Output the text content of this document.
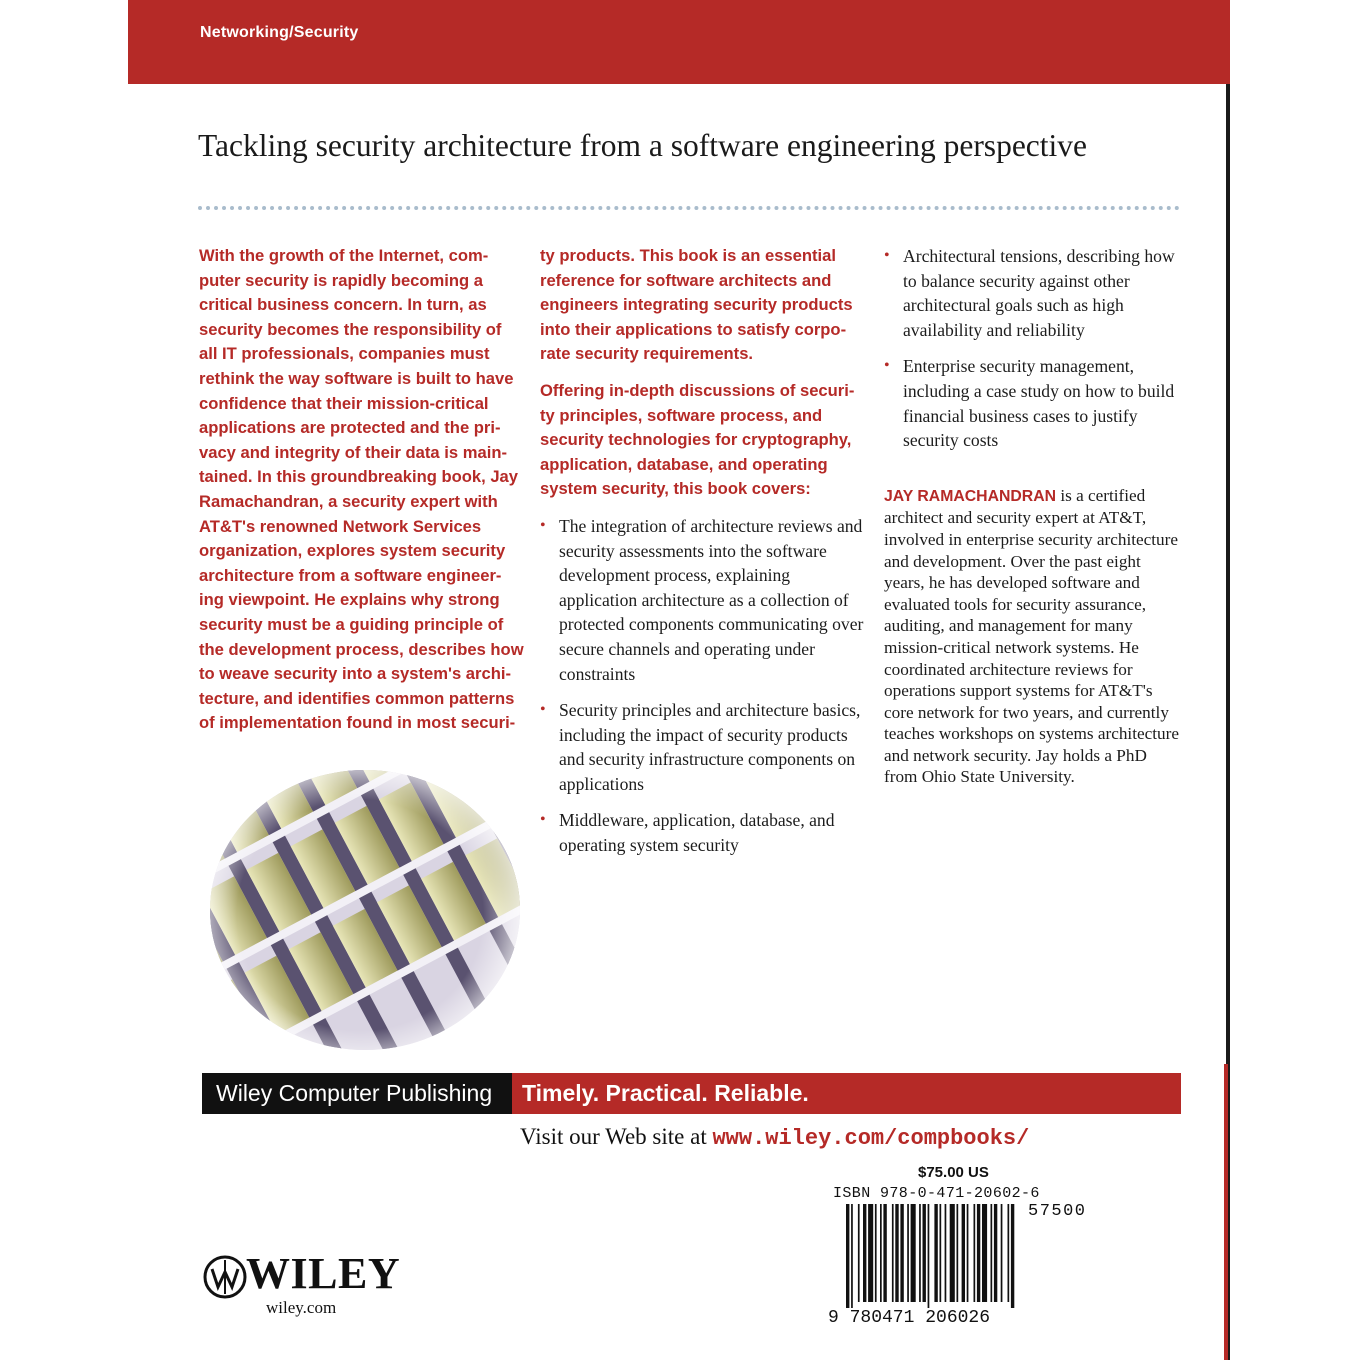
Networking/Security
Tackling security architecture from a software engineering perspective
With the growth of the Internet, com-
puter security is rapidly becoming a
critical business concern. In turn, as
security becomes the responsibility of
all IT professionals, companies must
rethink the way software is built to have
confidence that their mission-critical
applications are protected and the pri-
vacy and integrity of their data is main-
tained. In this groundbreaking book, Jay
Ramachandran, a security expert with
AT&T's renowned Network Services
organization, explores system security
architecture from a software engineer-
ing viewpoint. He explains why strong
security must be a guiding principle of
the development process, describes how
to weave security into a system's archi-
tecture, and identifies common patterns
of implementation found in most securi-

ty products. This book is an essential
reference for software architects and
engineers integrating security products
into their applications to satisfy corpo-
rate security requirements.

Offering in-depth discussions of securi-
ty principles, software process, and
security technologies for cryptography,
application, database, and operating
system security, this book covers:

• The integration of architecture reviews and security assessments into the software development process, explaining application architecture as a collection of protected components communicating over secure channels and operating under constraints
• Security principles and architecture basics, including the impact of security products and security infrastructure components on applications
• Middleware, application, database, and operating system security
• Architectural tensions, describing how to balance security against other architectural goals such as high availability and reliability
• Enterprise security management, including a case study on how to build financial business cases to justify security costs

JAY RAMACHANDRAN is a certified architect and security expert at AT&T, involved in enterprise security architecture and development. Over the past eight years, he has developed software and evaluated tools for security assurance, auditing, and management for many mission-critical network systems. He coordinated architecture reviews for operations support systems for AT&T's core network for two years, and currently teaches workshops on systems architecture and network security. Jay holds a PhD from Ohio State University.

Wiley Computer Publishing	Timely. Practical. Reliable.
Visit our Web site at www.wiley.com/compbooks/
$75.00 US
ISBN 978-0-471-20602-6
57500
9 780471 206026
WILEY
wiley.com
